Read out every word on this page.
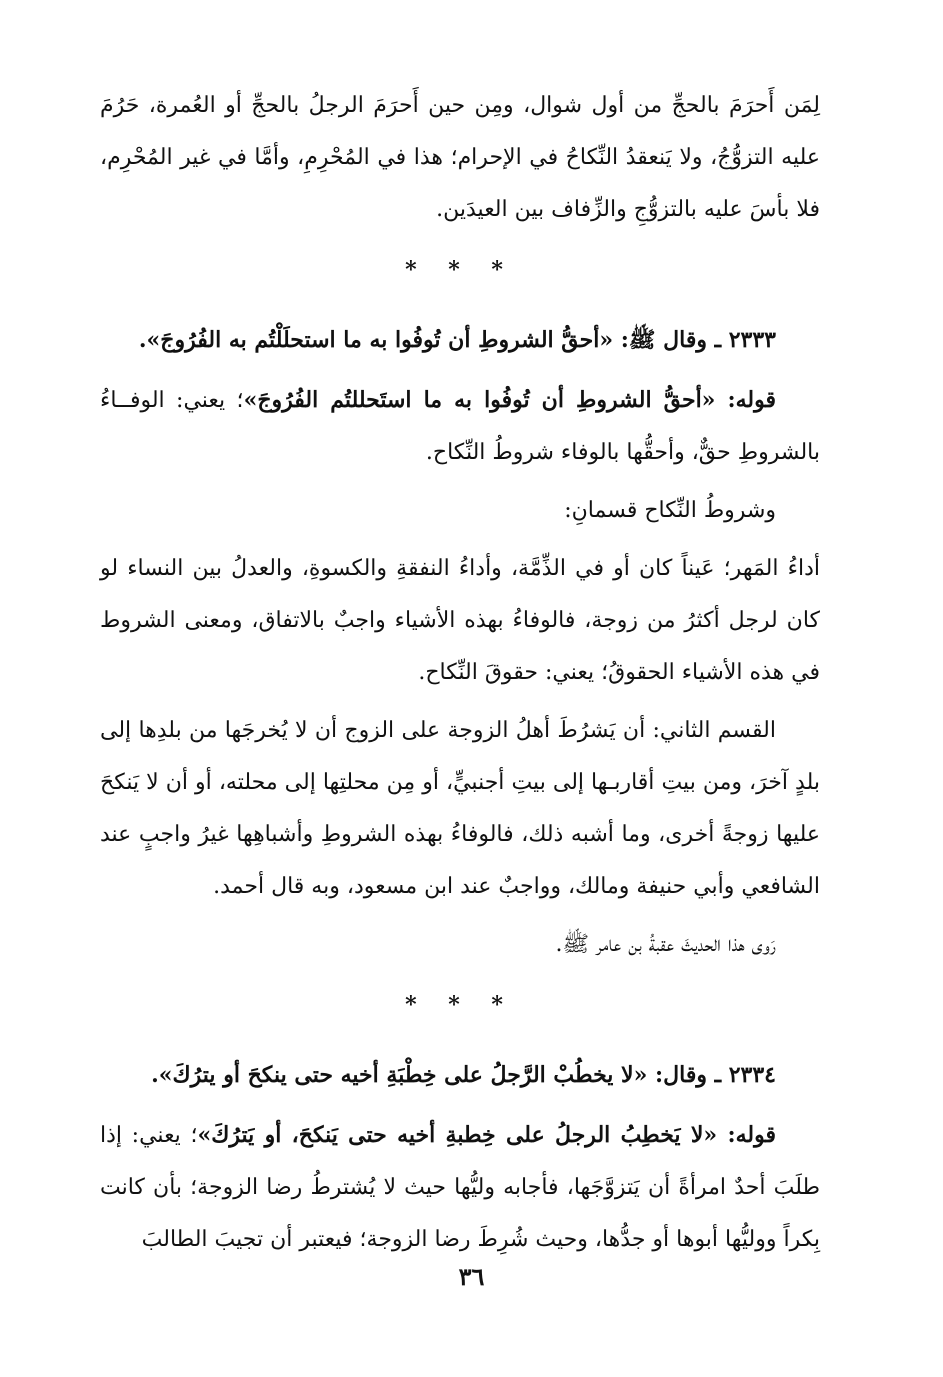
لِمَن أَحرَمَ بالحجِّ من أول شوال، ومِن حين أَحرَمَ الرجلُ بالحجِّ أو العُمرة، حَرُمَ عليه التزوُّجُ، ولا يَنعقدُ النِّكاحُ في الإحرام؛ هذا في المُحْرِمِ، وأمَّا في غير المُحْرِم، فلا بأسَ عليه بالتزوُّجِ والزِّفاف بين العيدَين.

* * *

٢٣٣٣ ـ وقال ﷺ: «أحقُّ الشروطِ أن تُوفُوا به ما استحلَلْتُم به الفُرُوجَ».

قوله: «أحقُّ الشروطِ أن تُوفُوا به ما استَحللتُم الفُرُوجَ»؛ يعني: الوفــاءُ بالشروطِ حقٌّ، وأحقُّها بالوفاء شروطُ النِّكاح.

وشروطُ النِّكاح قسمانِ:

أداءُ المَهر؛ عَيناً كان أو في الذِّمَّة، وأداءُ النفقةِ والكسوةِ، والعدلُ بين النساء لو كان لرجل أكثرُ من زوجة، فالوفاءُ بهذه الأشياء واجبٌ بالاتفاق، ومعنى الشروط في هذه الأشياء الحقوقُ؛ يعني: حقوقَ النِّكاح.

القسم الثاني: أن يَشرُطَ أهلُ الزوجة على الزوج أن لا يُخرجَها من بلدِها إلى بلدٍ آخرَ، ومن بيتِ أقاربـها إلى بيتِ أجنبيٍّ، أو مِن محلتِها إلى محلته، أو أن لا يَنكحَ عليها زوجةً أخرى، وما أشبه ذلك، فالوفاءُ بهذه الشروطِ وأشباهِها غيرُ واجبٍ عند الشافعي وأبي حنيفة ومالك، وواجبٌ عند ابن مسعود، وبه قال أحمد.

رَوى هذا الحديثَ عقبةُ بن عامر ﷺ.

* * *

٢٣٣٤ ـ وقال: «لا يخطُبْ الرَّجلُ على خِطْبَةِ أخيه حتى ينكحَ أو يترُكَ».

قوله: «لا يَخطِبُ الرجلُ على خِطبةِ أخيه حتى يَنكحَ، أو يَترُكَ»؛ يعني: إذا طلَبَ أحدٌ امرأةً أن يَتزوَّجَها، فأجابه وليُّها حيث لا يُشترطُ رضا الزوجة؛ بأن كانت بِكراً ووليُّها أبوها أو جدُّها، وحيث شُرِطَ رضا الزوجة؛ فيعتبر أن تجيبَ الطالبَ

٣٦
